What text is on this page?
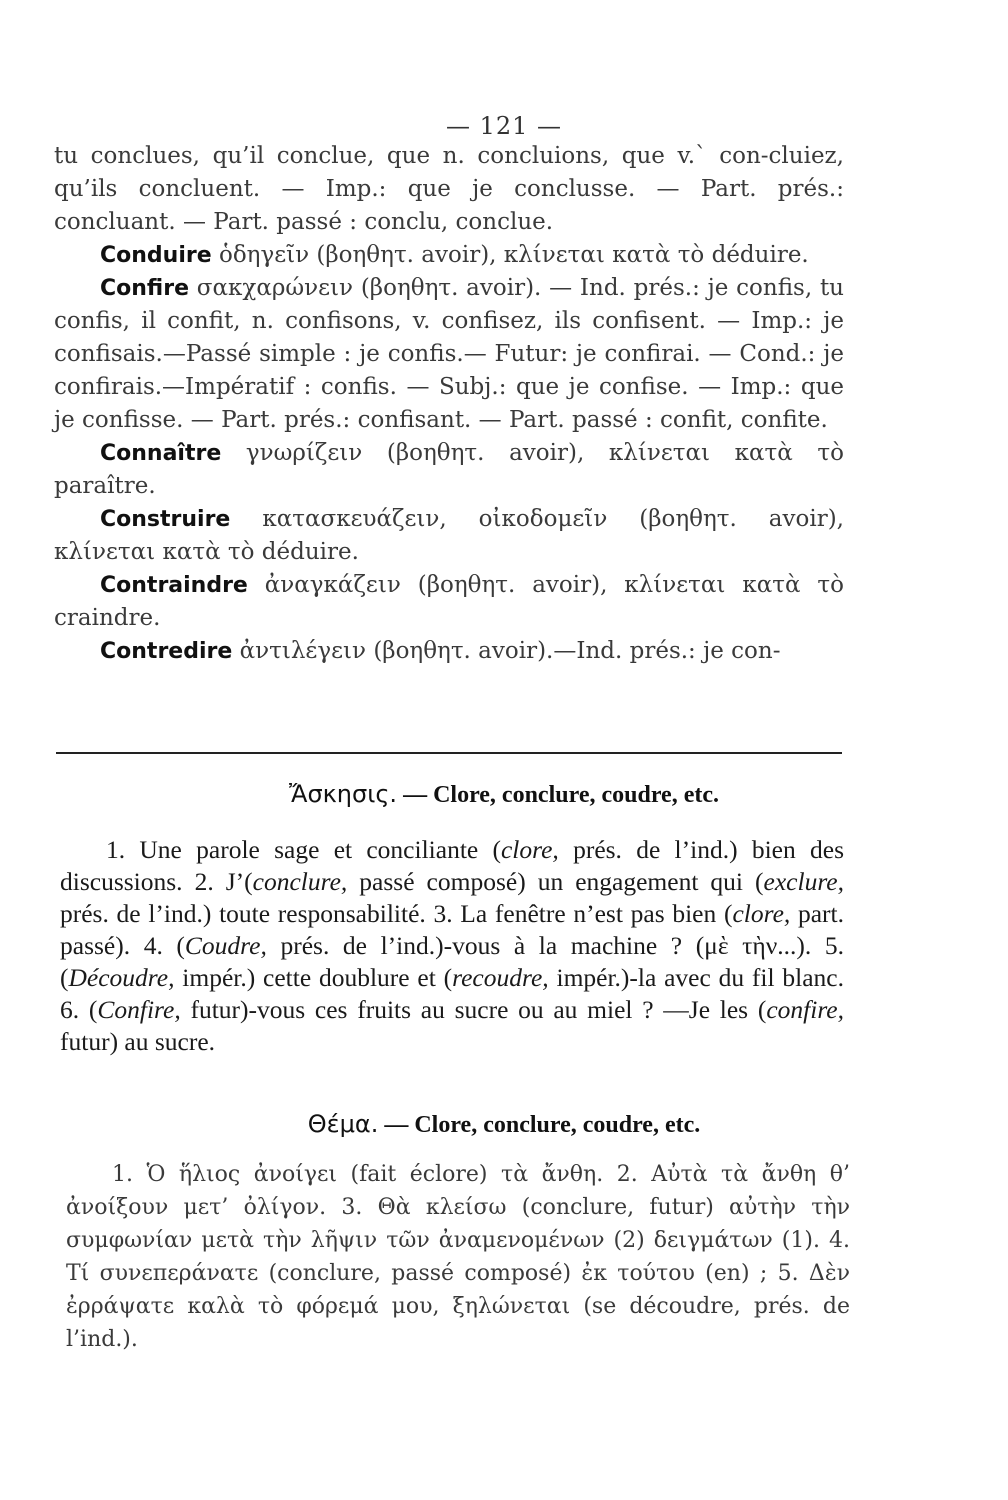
— 121 —

tu conclues, qu’il conclue, que n. concluions, que v.` con-cluiez, qu’ils concluent. — Imp.: que je conclusse. — Part. prés.: concluant. — Part. passé : conclu, conclue.

Conduire ὁδηγεῖν (βοηθητ. avoir), κλίνεται κατὰ τὸ déduire.

Confire σακχαρώνειν (βοηθητ. avoir). — Ind. prés.: je confis, tu confis, il confit, n. confisons, v. confisez, ils confisent. — Imp.: je confisais.—Passé simple : je confis.— Futur: je confirai. — Cond.: je confirais.—Impératif : confis. — Subj.: que je confise. — Imp.: que je confisse. — Part. prés.: confisant. — Part. passé : confit, confite.

Connaître γνωρίζειν (βοηθητ. avoir), κλίνεται κατὰ τὸ paraître.

Construire κατασκευάζειν, οἰκοδομεῖν (βοηθητ. avoir), κλίνεται κατὰ τὸ déduire.

Contraindre ἀναγκάζειν (βοηθητ. avoir), κλίνεται κατὰ τὸ craindre.

Contredire ἀντιλέγειν (βοηθητ. avoir).—Ind. prés.: je con-

Ἄσκησις. — Clore, conclure, coudre, etc.

1. Une parole sage et conciliante (clore, prés. de l’ind.) bien des discussions. 2. J’(conclure, passé composé) un engagement qui (exclure, prés. de l’ind.) toute responsabilité. 3. La fenêtre n’est pas bien (clore, part. passé). 4. (Coudre, prés. de l’ind.)-vous à la machine ? (μὲ τὴν...). 5. (Découdre, impér.) cette doublure et (recoudre, impér.)-la avec du fil blanc. 6. (Confire, futur)-vous ces fruits au sucre ou au miel ? —Je les (confire, futur) au sucre.

Θέμα. — Clore, conclure, coudre, etc.

1. Ὁ ἥλιος ἀνοίγει (fait éclore) τὰ ἄνθη. 2. Αὐτὰ τὰ ἄνθη θ’ ἀνοίξουν μετ’ ὀλίγον. 3. Θὰ κλείσω (conclure, futur) αὐτὴν τὴν συμφωνίαν μετὰ τὴν λῆψιν τῶν ἀναμενομένων (2) δειγμάτων (1). 4. Τί συνεπεράνατε (conclure, passé composé) ἐκ τούτου (en) ; 5. Δὲν ἐρράψατε καλὰ τὸ φόρεμά μου, ξηλώνεται (se découdre, prés. de l’ind.).
